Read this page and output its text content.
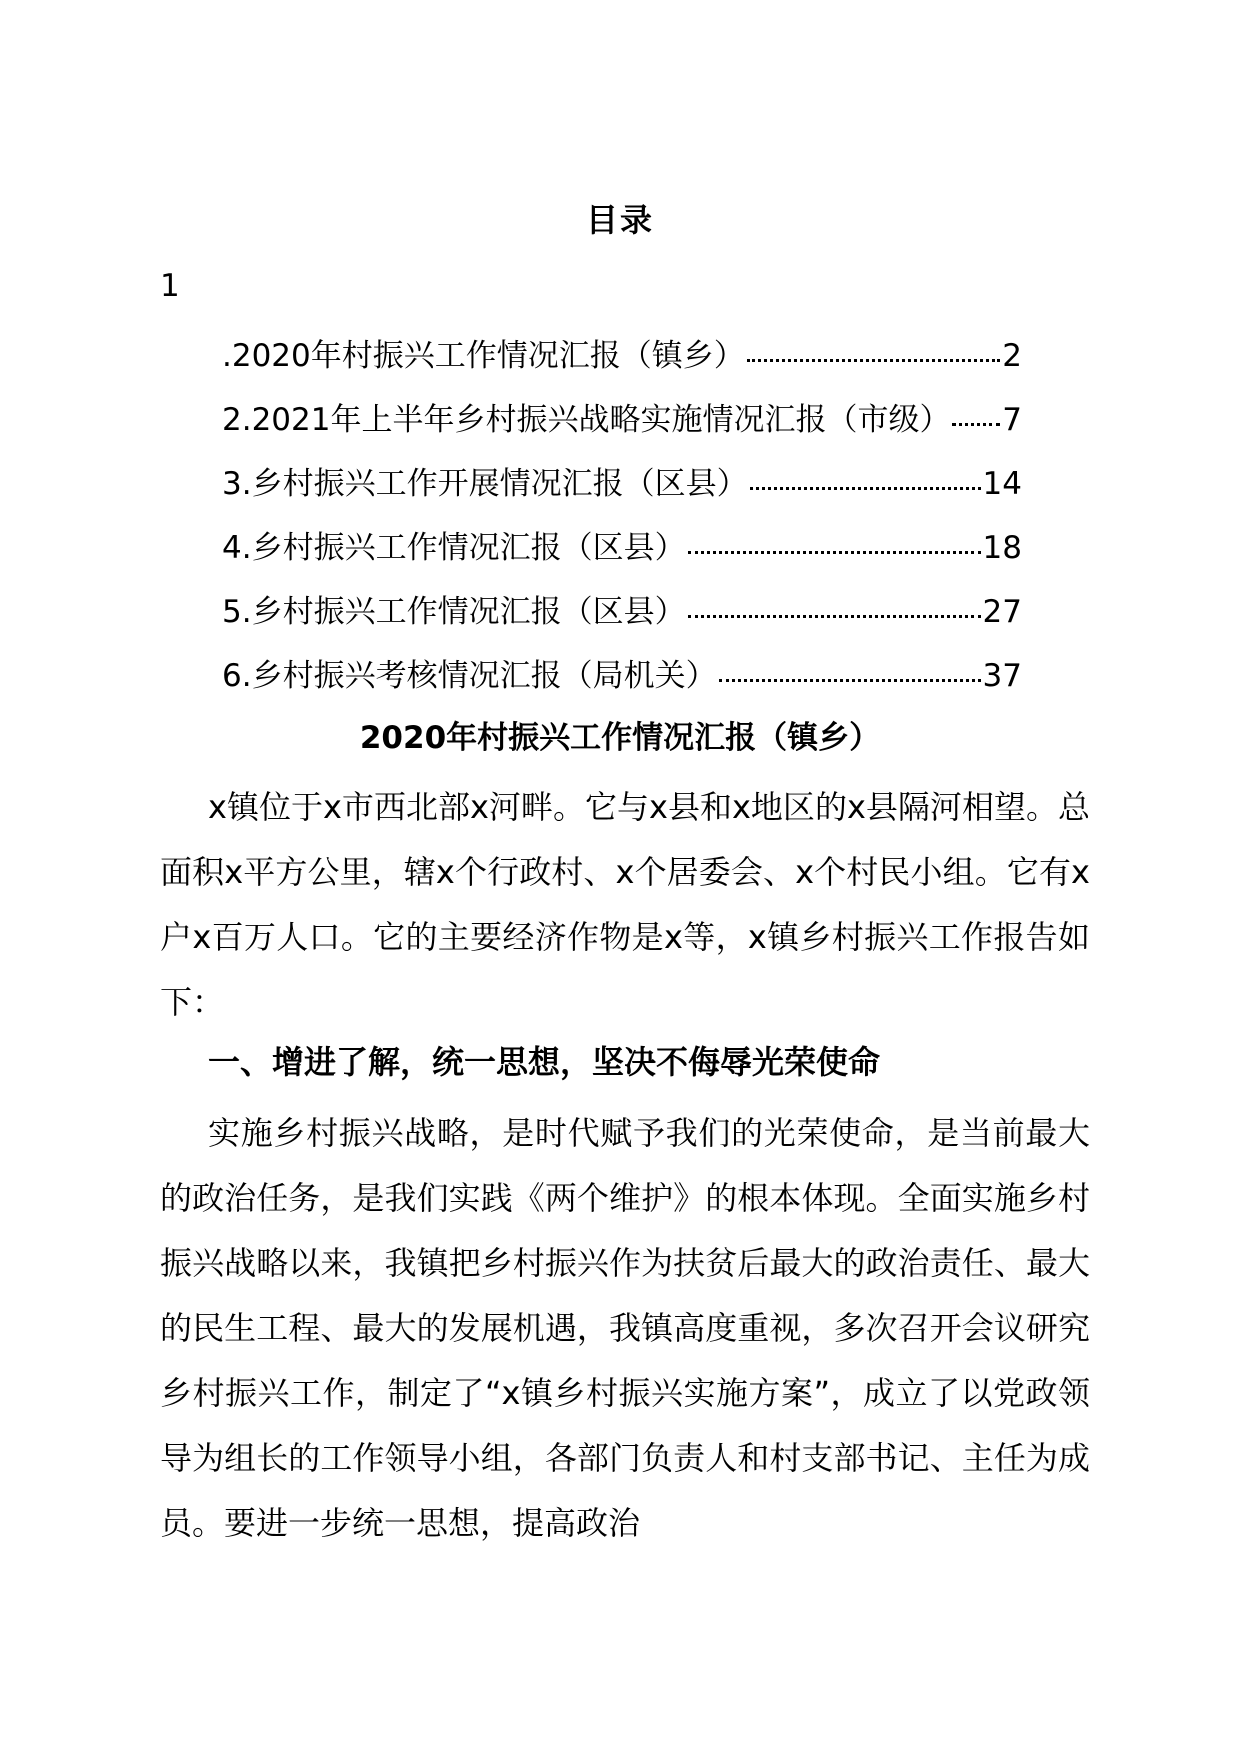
目录
1
.2020年村振兴工作情况汇报（镇乡）	2
2.2021年上半年乡村振兴战略实施情况汇报（市级） 7
3.乡村振兴工作开展情况汇报（区县）	14
4.乡村振兴工作情况汇报（区县）	18
5.乡村振兴工作情况汇报（区县）	27
6.乡村振兴考核情况汇报（局机关）	37
2020年村振兴工作情况汇报（镇乡）

x镇位于x市西北部x河畔。它与x县和x地区的x县隔河相望。总面积x平方公里，辖x个行政村、x个居委会、x个村民小组。它有x户x百万人口。它的主要经济作物是x等，x镇乡村振兴工作报告如下：

一、增进了解，统一思想，坚决不侮辱光荣使命

实施乡村振兴战略，是时代赋予我们的光荣使命，是当前最大的政治任务，是我们实践《两个维护》的根本体现。全面实施乡村振兴战略以来，我镇把乡村振兴作为扶贫后最大的政治责任、最大的民生工程、最大的发展机遇，我镇高度重视，多次召开会议研究乡村振兴工作，制定了“x镇乡村振兴实施方案”，成立了以党政领导为组长的工作领导小组，各部门负责人和村支部书记、主任为成员。要进一步统一思想，提高政治
